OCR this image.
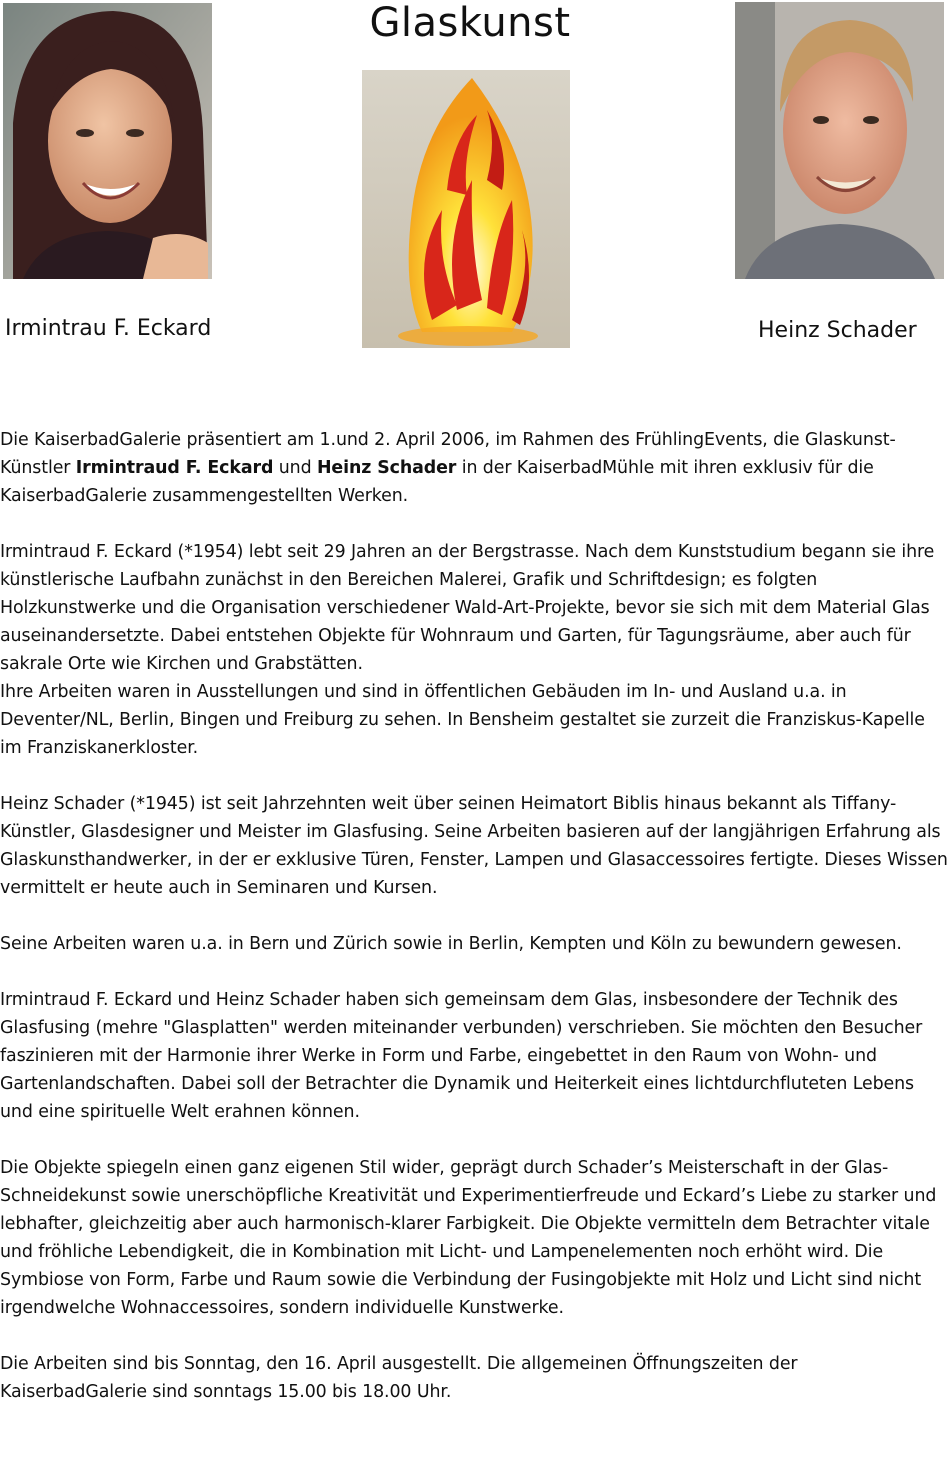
Glaskunst
Irmintrau F. Eckard	Heinz Schader

Die KaiserbadGalerie präsentiert am 1.und 2. April 2006, im Rahmen des FrühlingEvents, die Glaskunst-Künstler Irmintraud F. Eckard und Heinz Schader in der KaiserbadMühle mit ihren exklusiv für die KaiserbadGalerie zusammengestellten Werken.

Irmintraud F. Eckard (*1954) lebt seit 29 Jahren an der Bergstrasse. Nach dem Kunststudium begann sie ihre künstlerische Laufbahn zunächst in den Bereichen Malerei, Grafik und Schriftdesign; es folgten Holzkunstwerke und die Organisation verschiedener Wald-Art-Projekte, bevor sie sich mit dem Material Glas auseinandersetzte. Dabei entstehen Objekte für Wohnraum und Garten, für Tagungsräume, aber auch für sakrale Orte wie Kirchen und Grabstätten.
Ihre Arbeiten waren in Ausstellungen und sind in öffentlichen Gebäuden im In- und Ausland u.a. in Deventer/NL, Berlin, Bingen und Freiburg zu sehen. In Bensheim gestaltet sie zurzeit die Franziskus-Kapelle im Franziskanerkloster.

Heinz Schader (*1945) ist seit Jahrzehnten weit über seinen Heimatort Biblis hinaus bekannt als Tiffany-Künstler, Glasdesigner und Meister im Glasfusing. Seine Arbeiten basieren auf der langjährigen Erfahrung als Glaskunsthandwerker, in der er exklusive Türen, Fenster, Lampen und Glasaccessoires fertigte. Dieses Wissen vermittelt er heute auch in Seminaren und Kursen.

Seine Arbeiten waren u.a. in Bern und Zürich sowie in Berlin, Kempten und Köln zu bewundern gewesen.

Irmintraud F. Eckard und Heinz Schader haben sich gemeinsam dem Glas, insbesondere der Technik des Glasfusing (mehre "Glasplatten" werden miteinander verbunden) verschrieben. Sie möchten den Besucher faszinieren mit der Harmonie ihrer Werke in Form und Farbe, eingebettet in den Raum von Wohn- und Gartenlandschaften. Dabei soll der Betrachter die Dynamik und Heiterkeit eines lichtdurchfluteten Lebens und eine spirituelle Welt erahnen können.

Die Objekte spiegeln einen ganz eigenen Stil wider, geprägt durch Schader’s Meisterschaft in der Glas-Schneidekunst sowie unerschöpfliche Kreativität und Experimentierfreude und Eckard’s Liebe zu starker und lebhafter, gleichzeitig aber auch harmonisch-klarer Farbigkeit. Die Objekte vermitteln dem Betrachter vitale und fröhliche Lebendigkeit, die in Kombination mit Licht- und Lampenelementen noch erhöht wird. Die Symbiose von Form, Farbe und Raum sowie die Verbindung der Fusingobjekte mit Holz und Licht sind nicht irgendwelche Wohnaccessoires, sondern individuelle Kunstwerke.

Die Arbeiten sind bis Sonntag, den 16. April ausgestellt. Die allgemeinen Öffnungszeiten der KaiserbadGalerie sind sonntags 15.00 bis 18.00 Uhr.
